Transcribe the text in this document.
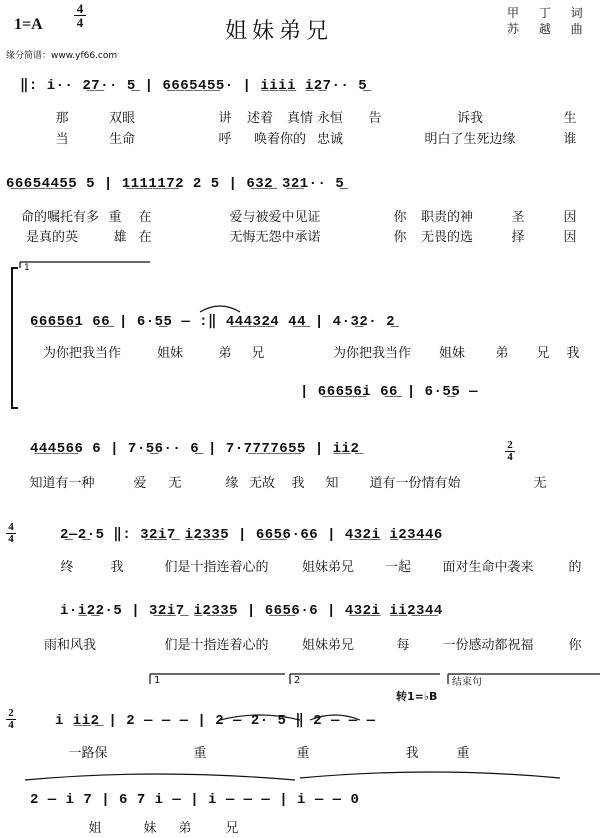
1=A
4
4	姐妹弟兄
甲 丁 词
苏 越 曲
缘分简谱：www.yf66.com
1	2	结束句
转1=♭B
1
‖: i·· 2̲7̲·· 5̲ | 6̲6̲6̲5̲4̲5̲5· | i̲i̲i̲i̲ i̲2̲7·· 5̲
那	双眼	讲 述着 真情 永恒 告	诉我	生
当	生命	呼 唤着你的 忠诚	明白了生死边缘	谁
6̲6̲6̲5̲4̲4̲5̲5 5 | 1̲1̲1̲1̲1̲7̲2 2 5 | 6̲3̲2̲ 3̲2̲1·· 5̲
命的嘱托有多 重 在	爱与被爱中见证	你 职责的神	圣	因
是真的英	雄 在	无悔无怨中承诺	你 无畏的选	择	因
6̲6̲6̲5̲6̲1 6̲6̲ | 6·5̲5 — :‖ 4̲4̲4̲3̲2̲4 4̲4̲ | 4·3̲2· 2̲
为你把我当作	姐妹	弟 兄	为你把我当作 姐妹 弟 兄 我
| 6̲6̲6̲5̲6̲i 6̲6̲ | 6·5̲5 —
4̲4̲4̲5̲6̲6 6 | 7·5̲6·· 6̲ | 7·7̲7̲7̲7̲6̲5̲5 | i̲i̲2̲
知道有一种	爱 无	缘 无故 我 知 道有一份情有始	无
2
4
4
4	2̲—2̲·5 ‖: 3̲2̲i̲7̲ i̲2̲3̲3̲5 | 6̲6̲5̲6·6̲6 | 4̲3̲2̲i̲ i̲2̲3̲4̲4̲6
终	我	们是十指连着心 的	姐妹弟兄 一起 面对生命中袭来	的
i·i̲2̲2·5 | 3̲2̲i̲7̲ i̲2̲3̲3̲5 | 6̲6̲5̲6·6 | 4̲3̲2̲i̲ i̲i̲2̲3̲4̲4
雨和风我	们是十指连着心 的	姐妹弟兄	每	一份感动都祝福	你
2
4	i i̲i̲2̲ | 2 — — — | 2 — 2· 5 ‖ 2 — — —
一路保	重	重	我	重
2 — i 7 | 6 7 i — | i — — — | i — — 0
姐	妹 弟	兄
